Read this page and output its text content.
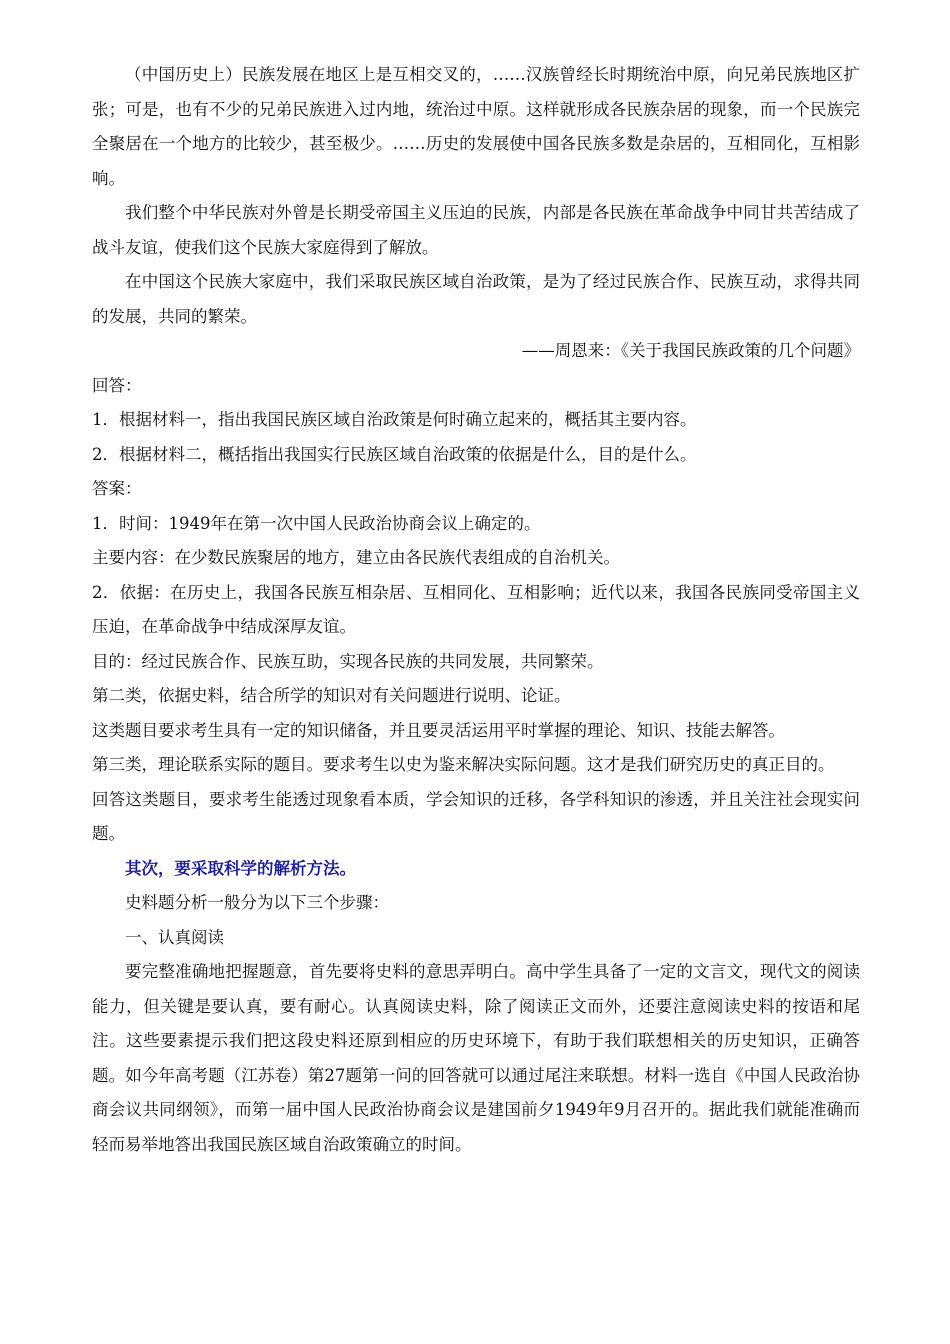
（中国历史上）民族发展在地区上是互相交叉的，……汉族曾经长时期统治中原，向兄弟民族地区扩张；可是，也有不少的兄弟民族进入过内地，统治过中原。这样就形成各民族杂居的现象，而一个民族完全聚居在一个地方的比较少，甚至极少。……历史的发展使中国各民族多数是杂居的，互相同化，互相影响。

我们整个中华民族对外曾是长期受帝国主义压迫的民族，内部是各民族在革命战争中同甘共苦结成了战斗友谊，使我们这个民族大家庭得到了解放。

在中国这个民族大家庭中，我们采取民族区域自治政策，是为了经过民族合作、民族互动，求得共同的发展，共同的繁荣。

——周恩来：《关于我国民族政策的几个问题》

回答：

1．根据材料一，指出我国民族区域自治政策是何时确立起来的，概括其主要内容。

2．根据材料二，概括指出我国实行民族区域自治政策的依据是什么，目的是什么。

答案：

1．时间：1949年在第一次中国人民政治协商会议上确定的。

主要内容：在少数民族聚居的地方，建立由各民族代表组成的自治机关。

2．依据：在历史上，我国各民族互相杂居、互相同化、互相影响；近代以来，我国各民族同受帝国主义压迫，在革命战争中结成深厚友谊。

目的：经过民族合作、民族互助，实现各民族的共同发展，共同繁荣。

第二类，依据史料，结合所学的知识对有关问题进行说明、论证。

这类题目要求考生具有一定的知识储备，并且要灵活运用平时掌握的理论、知识、技能去解答。

第三类，理论联系实际的题目。要求考生以史为鉴来解决实际问题。这才是我们研究历史的真正目的。

回答这类题目，要求考生能透过现象看本质，学会知识的迁移，各学科知识的渗透，并且关注社会现实问题。

其次，要采取科学的解析方法。

史料题分析一般分为以下三个步骤：

一、认真阅读

要完整准确地把握题意，首先要将史料的意思弄明白。高中学生具备了一定的文言文，现代文的阅读能力，但关键是要认真，要有耐心。认真阅读史料，除了阅读正文而外，还要注意阅读史料的按语和尾注。这些要素提示我们把这段史料还原到相应的历史环境下，有助于我们联想相关的历史知识，正确答题。如今年高考题（江苏卷）第27题第一问的回答就可以通过尾注来联想。材料一选自《中国人民政治协商会议共同纲领》，而第一届中国人民政治协商会议是建国前夕1949年9月召开的。据此我们就能准确而轻而易举地答出我国民族区域自治政策确立的时间。
